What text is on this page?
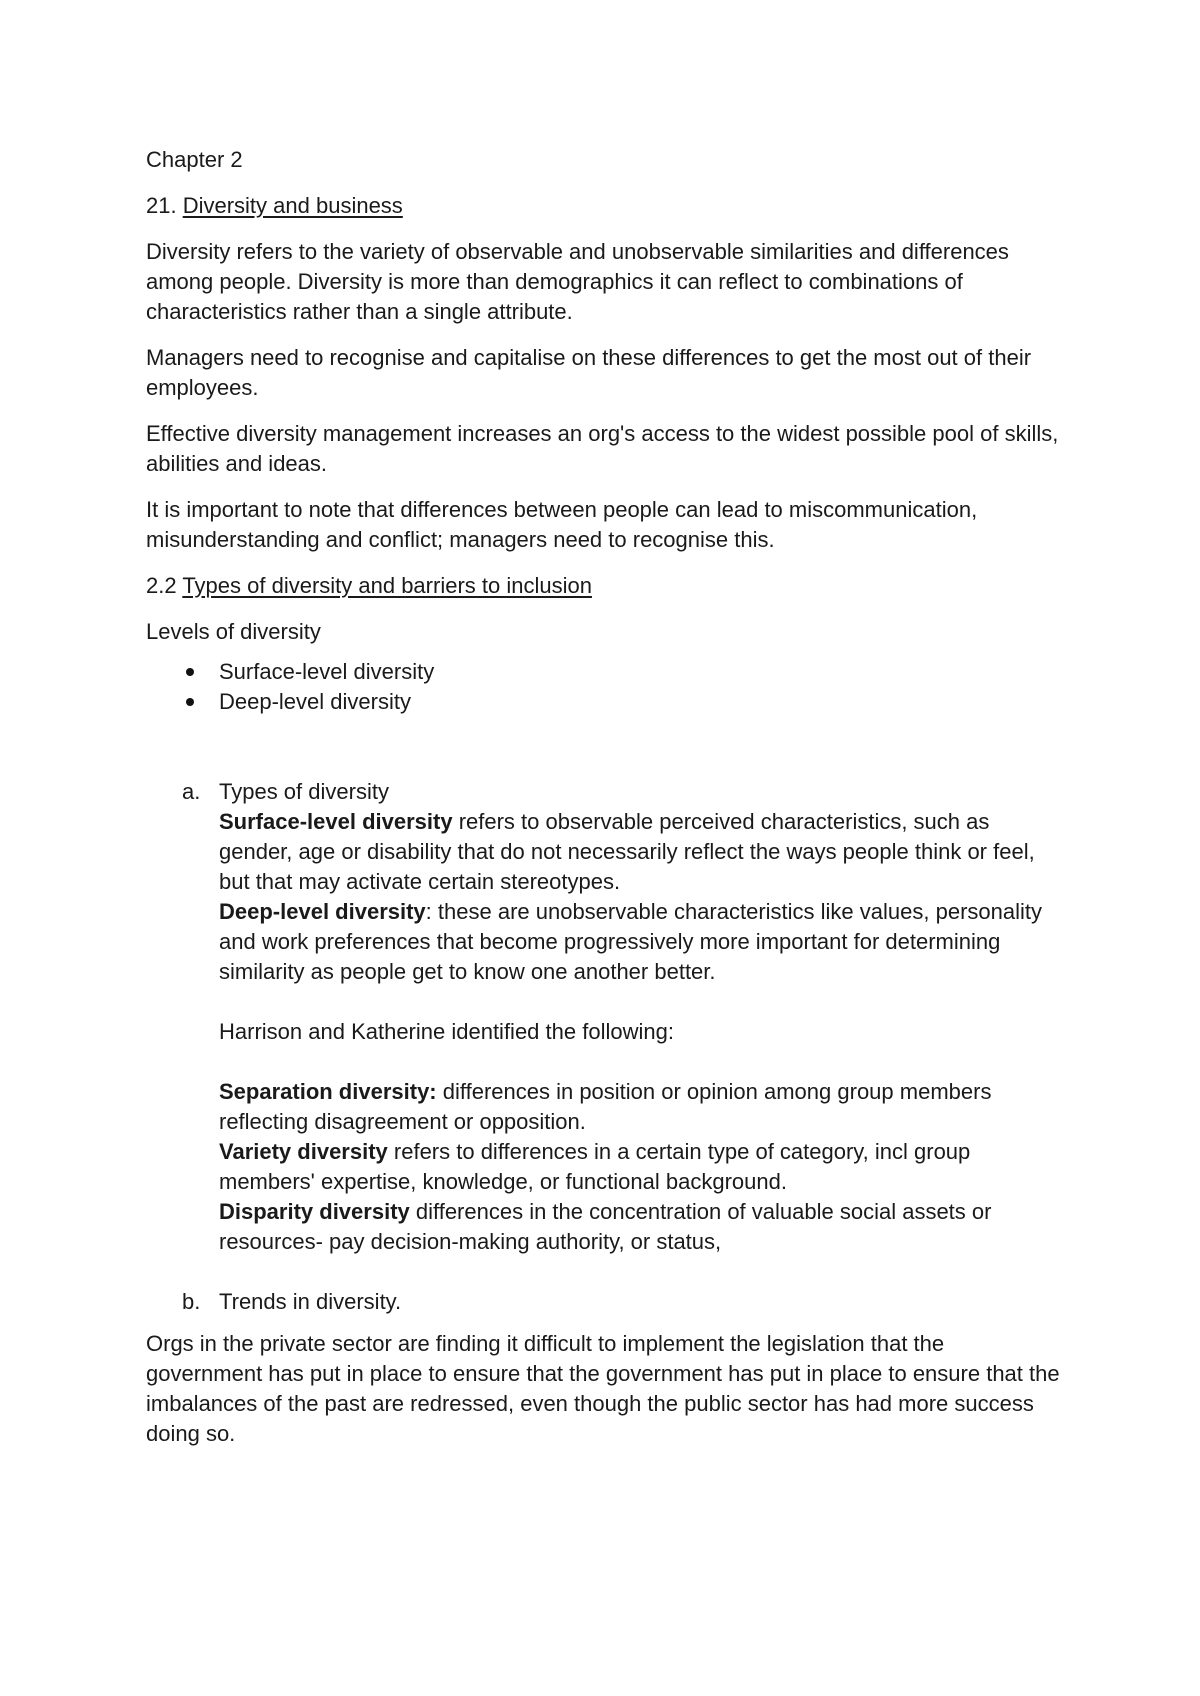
Chapter 2

21. Diversity and business

Diversity refers to the variety of observable and unobservable similarities and differences among people. Diversity is more than demographics it can reflect to combinations of characteristics rather than a single attribute.

Managers need to recognise and capitalise on these differences to get the most out of their employees.

Effective diversity management increases an org's access to the widest possible pool of skills, abilities and ideas.

It is important to note that differences between people can lead to miscommunication, misunderstanding and conflict; managers need to recognise this.

2.2 Types of diversity and barriers to inclusion

Levels of diversity

Surface-level diversity
Deep-level diversity
a. Types of diversity
Surface-level diversity refers to observable perceived characteristics, such as gender, age or disability that do not necessarily reflect the ways people think or feel, but that may activate certain stereotypes.
Deep-level diversity: these are unobservable characteristics like values, personality and work preferences that become progressively more important for determining similarity as people get to know one another better.
Harrison and Katherine identified the following:
Separation diversity: differences in position or opinion among group members reflecting disagreement or opposition.
Variety diversity refers to differences in a certain type of category, incl group members' expertise, knowledge, or functional background.
Disparity diversity differences in the concentration of valuable social assets or resources- pay decision-making authority, or status,
b. Trends in diversity.

Orgs in the private sector are finding it difficult to implement the legislation that the government has put in place to ensure that the government has put in place to ensure that the imbalances of the past are redressed, even though the public sector has had more success doing so.
